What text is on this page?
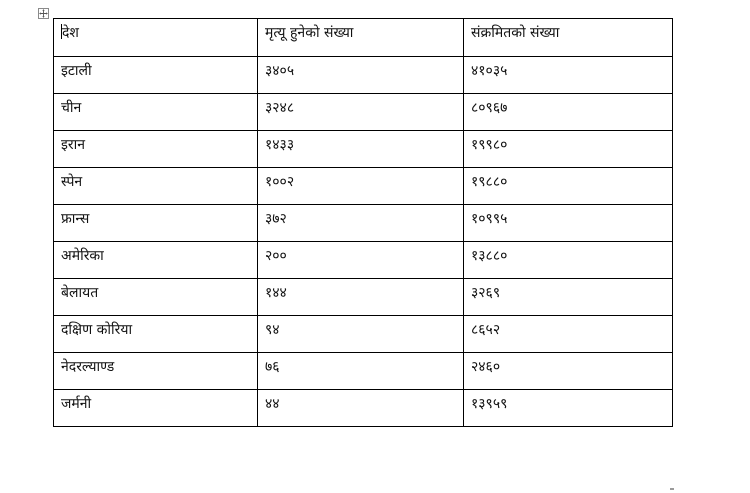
देश	मृत्यू हुनेको संख्या	संक्रमितको संख्या
इटाली	३४०५	४१०३५
चीन	३२४८	८०९६७
इरान	१४३३	१९९८०
स्पेन	१००२	१९८८०
फ्रान्स	३७२	१०९९५
अमेरिका	२००	१३८८०
बेलायत	१४४	३२६९
दक्षिण कोरिया	९४	८६५२
नेदरल्याण्ड	७६	२४६०
जर्मनी	४४	१३९५९
